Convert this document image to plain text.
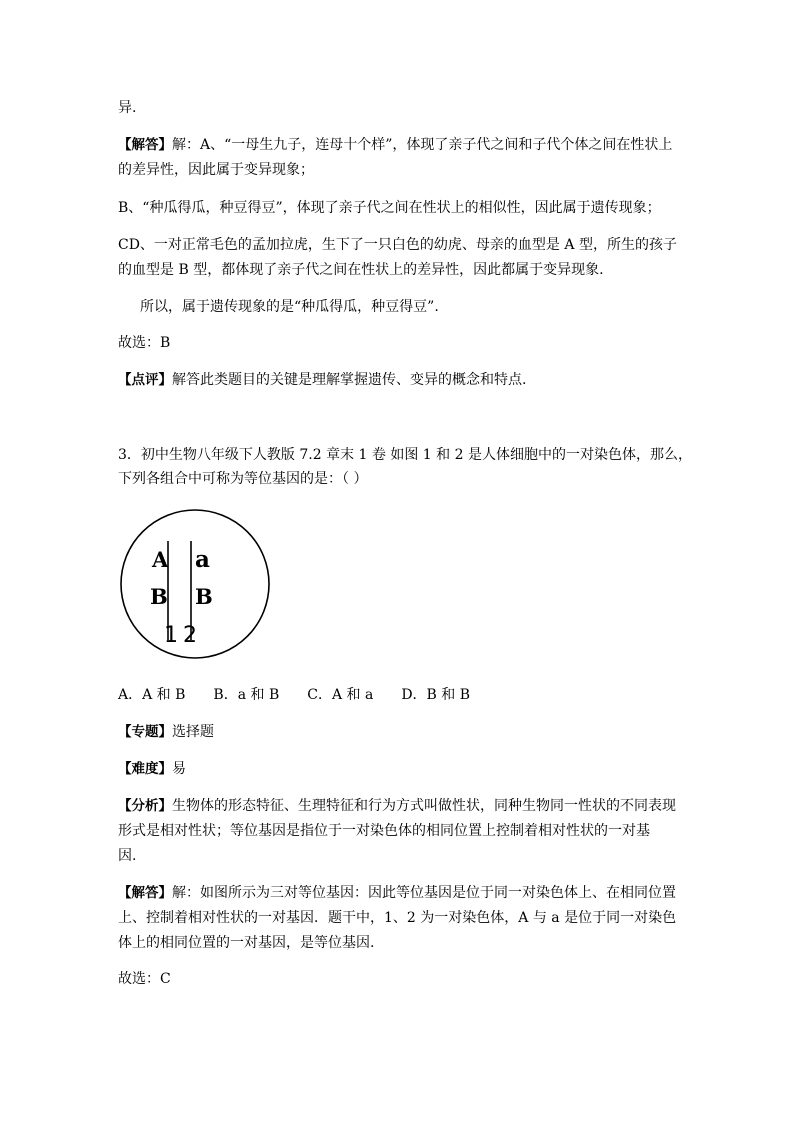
异.
【解答】解：A、“一母生九子，连母十个样”，体现了亲子代之间和子代个体之间在性状上
的差异性，因此属于变异现象；
B、“种瓜得瓜，种豆得豆”，体现了亲子代之间在性状上的相似性，因此属于遗传现象；
CD、一对正常毛色的孟加拉虎，生下了一只白色的幼虎、母亲的血型是 A 型，所生的孩子
的血型是 B 型，都体现了亲子代之间在性状上的差异性，因此都属于变异现象.
所以，属于遗传现象的是“种瓜得瓜，种豆得豆”.
故选：B
【点评】解答此类题目的关键是理解掌握遗传、变异的概念和特点.
3．初中生物八年级下人教版 7.2 章末 1 卷 如图 1 和 2 是人体细胞中的一对染色体，那么，
下列各组合中可称为等位基因的是：（ ）
A
B
a
B
1 2
A．A 和 B B．a 和 B C．A 和 a D．B 和 B
【专题】选择题
【难度】易
【分析】生物体的形态特征、生理特征和行为方式叫做性状，同种生物同一性状的不同表现
形式是相对性状；等位基因是指位于一对染色体的相同位置上控制着相对性状的一对基
因.
【解答】解：如图所示为三对等位基因：因此等位基因是位于同一对染色体上、在相同位置
上、控制着相对性状的一对基因．题干中，1、2 为一对染色体，A 与 a 是位于同一对染色
体上的相同位置的一对基因，是等位基因.
故选：C
